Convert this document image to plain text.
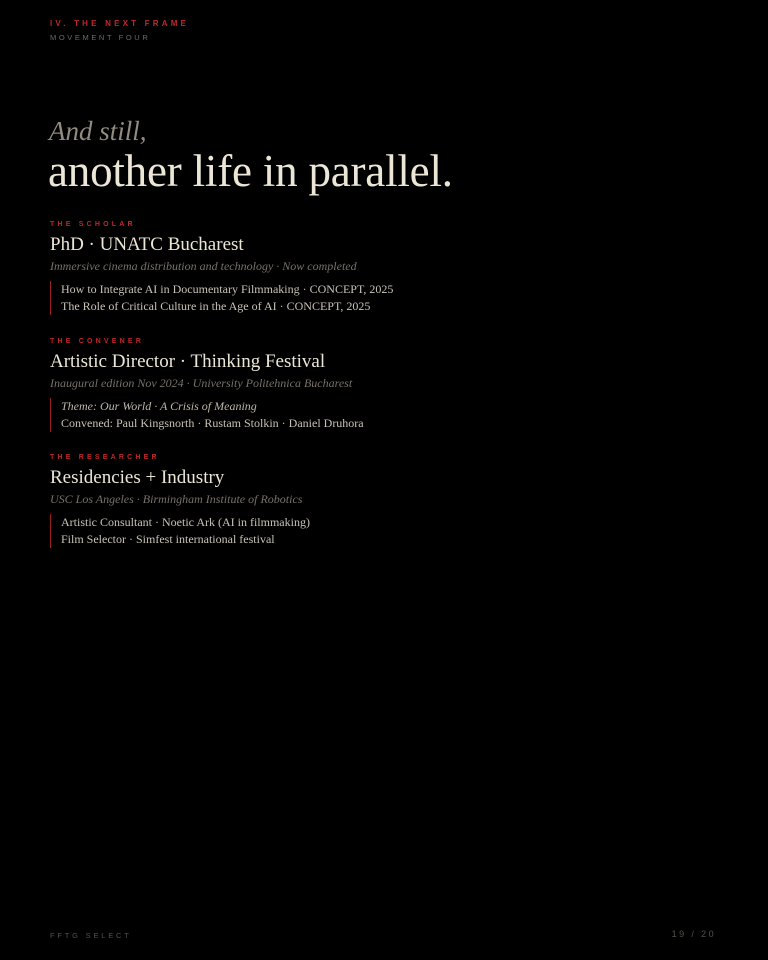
IV. THE NEXT FRAME
MOVEMENT FOUR
And still,
another life in parallel.
THE SCHOLAR
PhD · UNATC Bucharest
Immersive cinema distribution and technology · Now completed
How to Integrate AI in Documentary Filmmaking · CONCEPT, 2025
The Role of Critical Culture in the Age of AI · CONCEPT, 2025
THE CONVENER
Artistic Director · Thinking Festival
Inaugural edition Nov 2024 · University Politehnica Bucharest
Theme: Our World · A Crisis of Meaning
Convened: Paul Kingsnorth · Rustam Stolkin · Daniel Druhora
THE RESEARCHER
Residencies + Industry
USC Los Angeles · Birmingham Institute of Robotics
Artistic Consultant · Noetic Ark (AI in filmmaking)
Film Selector · Simfest international festival
FFTG SELECT	19 / 20
